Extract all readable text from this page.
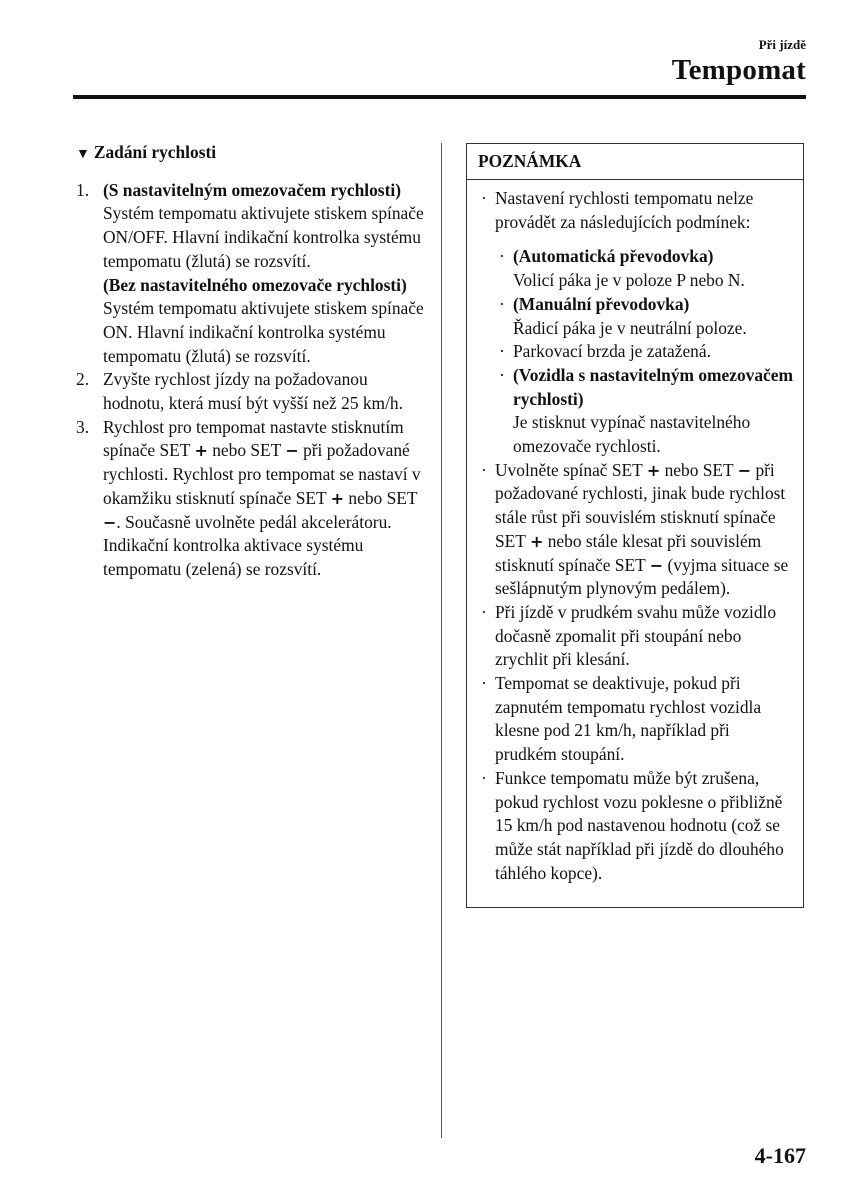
Při jízdě
Tempomat
▼ Zadání rychlosti
1. (S nastavitelným omezovačem rychlosti)
Systém tempomatu aktivujete stiskem spínače ON/OFF. Hlavní indikační kontrolka systému tempomatu (žlutá) se rozsvítí.
(Bez nastavitelného omezovače rychlosti)
Systém tempomatu aktivujete stiskem spínače ON. Hlavní indikační kontrolka systému tempomatu (žlutá) se rozsvítí.
2. Zvyšte rychlost jízdy na požadovanou hodnotu, která musí být vyšší než 25 km/h.
3. Rychlost pro tempomat nastavte stisknutím spínače SET + nebo SET − při požadované rychlosti. Rychlost pro tempomat se nastaví v okamžiku stisknutí spínače SET + nebo SET −. Současně uvolněte pedál akcelerátoru. Indikační kontrolka aktivace systému tempomatu (zelená) se rozsvítí.
POZNÁMKA
· Nastavení rychlosti tempomatu nelze provádět za následujících podmínek:
· (Automatická převodovka)
Volicí páka je v poloze P nebo N.
· (Manuální převodovka)
Řadicí páka je v neutrální poloze.
· Parkovací brzda je zatažená.
· (Vozidla s nastavitelným omezovačem rychlosti)
Je stisknut vypínač nastavitelného omezovače rychlosti.
· Uvolněte spínač SET + nebo SET − při požadované rychlosti, jinak bude rychlost stále růst při souvislém stisknutí spínače SET + nebo stále klesat při souvislém stisknutí spínače SET − (vyjma situace se sešlápnutým plynovým pedálem).
· Při jízdě v prudkém svahu může vozidlo dočasně zpomalit při stoupání nebo zrychlit při klesání.
· Tempomat se deaktivuje, pokud při zapnutém tempomatu rychlost vozidla klesne pod 21 km/h, například při prudkém stoupání.
· Funkce tempomatu může být zrušena, pokud rychlost vozu poklesne o přibližně 15 km/h pod nastavenou hodnotu (což se může stát například při jízdě do dlouhého táhlého kopce).
4-167
